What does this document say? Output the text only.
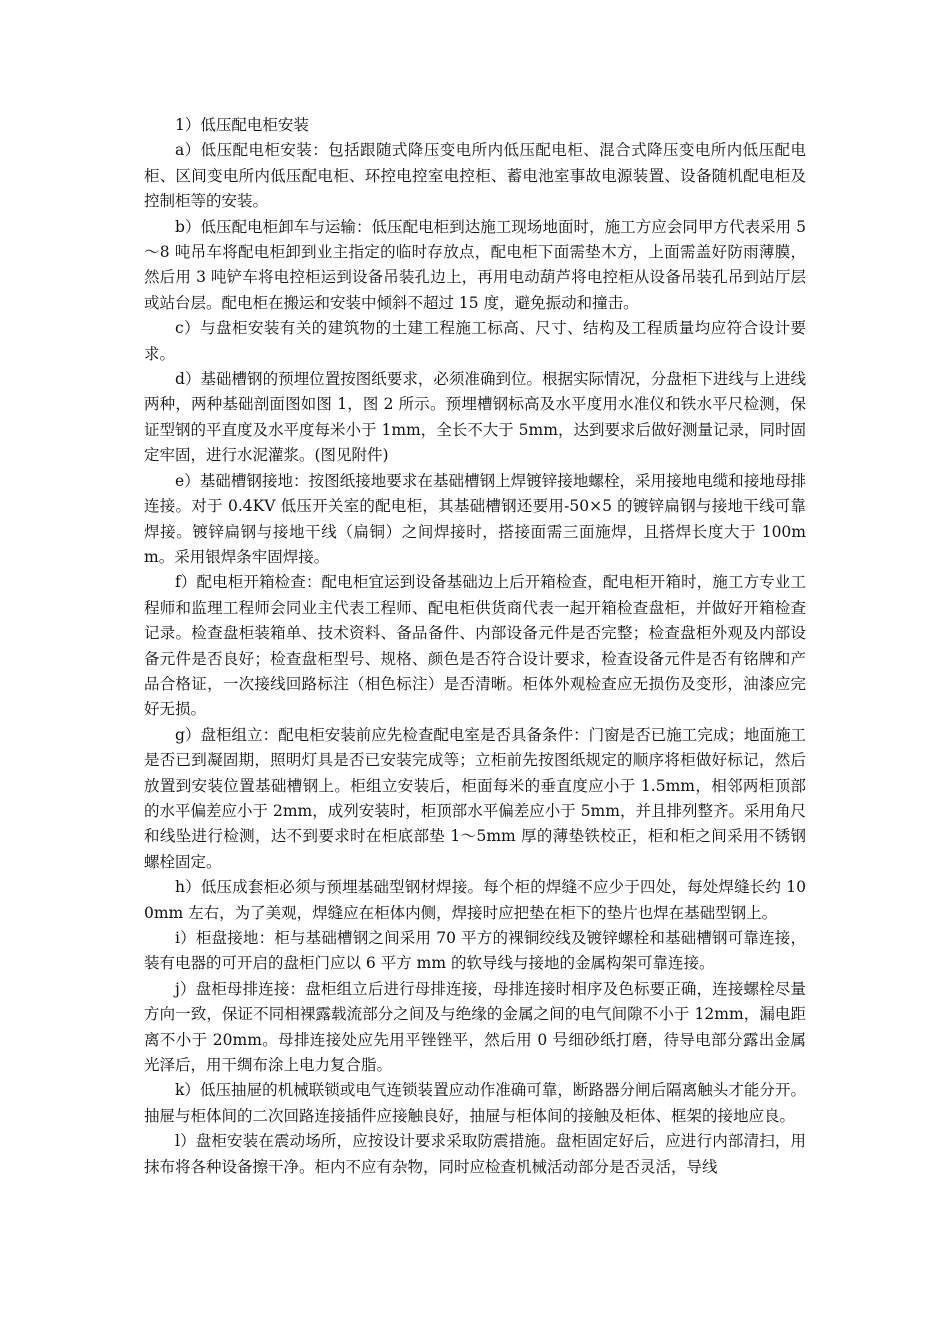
1）低压配电柜安装

a）低压配电柜安装：包括跟随式降压变电所内低压配电柜、混合式降压变电所内低压配电柜、区间变电所内低压配电柜、环控电控室电控柜、蓄电池室事故电源装置、设备随机配电柜及控制柜等的安装。

b）低压配电柜卸车与运输：低压配电柜到达施工现场地面时，施工方应会同甲方代表采用 5～8 吨吊车将配电柜卸到业主指定的临时存放点，配电柜下面需垫木方，上面需盖好防雨薄膜，然后用 3 吨铲车将电控柜运到设备吊装孔边上，再用电动葫芦将电控柜从设备吊装孔吊到站厅层或站台层。配电柜在搬运和安装中倾斜不超过 15 度，避免振动和撞击。

c）与盘柜安装有关的建筑物的土建工程施工标高、尺寸、结构及工程质量均应符合设计要求。

d）基础槽钢的预埋位置按图纸要求，必须准确到位。根据实际情况，分盘柜下进线与上进线两种，两种基础剖面图如图 1，图 2 所示。预埋槽钢标高及水平度用水准仪和铁水平尺检测，保证型钢的平直度及水平度每米小于 1mm，全长不大于 5mm，达到要求后做好测量记录，同时固定牢固，进行水泥灌浆。(图见附件)

e）基础槽钢接地：按图纸接地要求在基础槽钢上焊镀锌接地螺栓，采用接地电缆和接地母排连接。对于 0.4KV 低压开关室的配电柜，其基础槽钢还要用-50×5 的镀锌扁钢与接地干线可靠焊接。镀锌扁钢与接地干线（扁铜）之间焊接时，搭接面需三面施焊，且搭焊长度大于 100mm。采用银焊条牢固焊接。

f）配电柜开箱检查：配电柜宜运到设备基础边上后开箱检查，配电柜开箱时，施工方专业工程师和监理工程师会同业主代表工程师、配电柜供货商代表一起开箱检查盘柜，并做好开箱检查记录。检查盘柜装箱单、技术资料、备品备件、内部设备元件是否完整；检查盘柜外观及内部设备元件是否良好；检查盘柜型号、规格、颜色是否符合设计要求，检查设备元件是否有铭牌和产品合格证，一次接线回路标注（相色标注）是否清晰。柜体外观检查应无损伤及变形，油漆应完好无损。

g）盘柜组立：配电柜安装前应先检查配电室是否具备条件：门窗是否已施工完成；地面施工是否已到凝固期，照明灯具是否已安装完成等；立柜前先按图纸规定的顺序将柜做好标记，然后放置到安装位置基础槽钢上。柜组立安装后，柜面每米的垂直度应小于 1.5mm，相邻两柜顶部的水平偏差应小于 2mm，成列安装时，柜顶部水平偏差应小于 5mm，并且排列整齐。采用角尺和线坠进行检测，达不到要求时在柜底部垫 1～5mm 厚的薄垫铁校正，柜和柜之间采用不锈钢螺栓固定。

h）低压成套柜必须与预埋基础型钢材焊接。每个柜的焊缝不应少于四处，每处焊缝长约 100mm 左右，为了美观，焊缝应在柜体内侧，焊接时应把垫在柜下的垫片也焊在基础型钢上。

i）柜盘接地：柜与基础槽钢之间采用 70 平方的裸铜绞线及镀锌螺栓和基础槽钢可靠连接，装有电器的可开启的盘柜门应以 6 平方 mm 的软导线与接地的金属构架可靠连接。

j）盘柜母排连接：盘柜组立后进行母排连接，母排连接时相序及色标要正确，连接螺栓尽量方向一致，保证不同相裸露载流部分之间及与绝缘的金属之间的电气间隙不小于 12mm，漏电距离不小于 20mm。母排连接处应先用平锉锉平，然后用 0 号细砂纸打磨，待导电部分露出金属光泽后，用干绸布涂上电力复合脂。

k）低压抽屉的机械联锁或电气连锁装置应动作准确可靠，断路器分闸后隔离触头才能分开。抽屉与柜体间的二次回路连接插件应接触良好，抽屉与柜体间的接触及柜体、框架的接地应良。

l）盘柜安装在震动场所，应按设计要求采取防震措施。盘柜固定好后，应进行内部清扫，用抹布将各种设备擦干净。柜内不应有杂物，同时应检查机械活动部分是否灵活，导线
